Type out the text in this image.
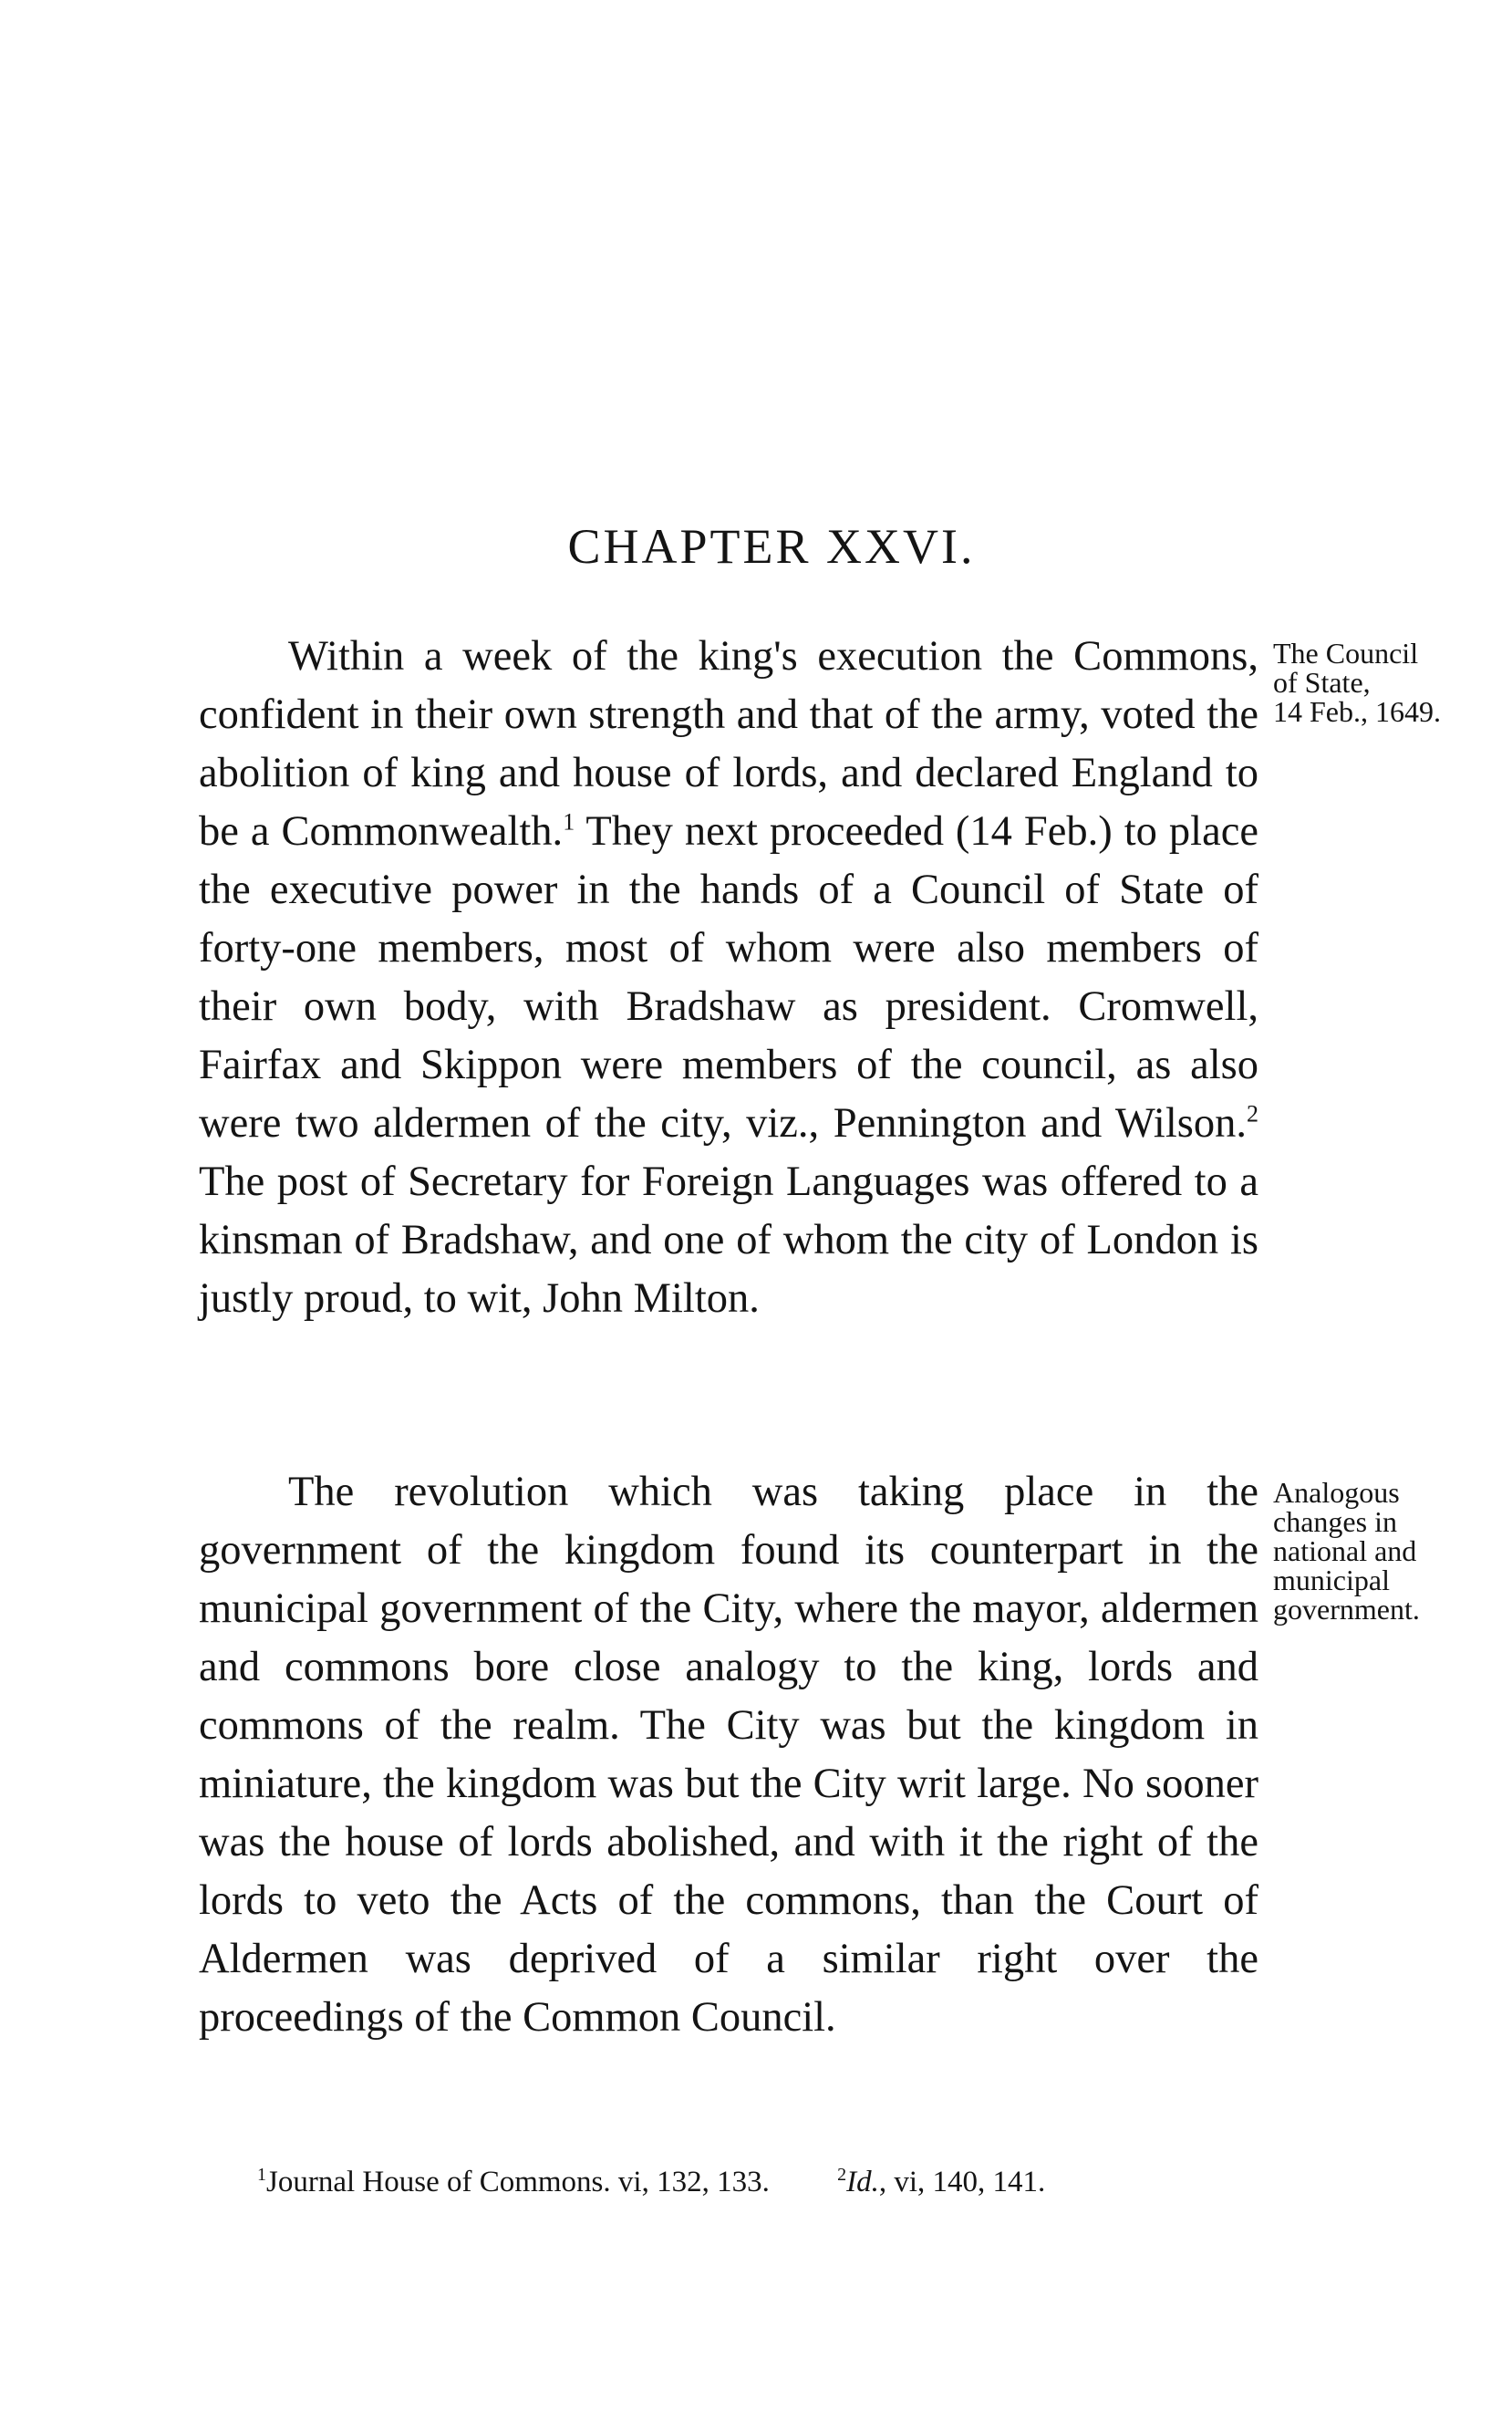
CHAPTER XXVI.

Within a week of the king's execution the Commons, confident in their own strength and that of the army, voted the abolition of king and house of lords, and declared England to be a Commonwealth.$^1$ They next proceeded (14 Feb.) to place the executive power in the hands of a Council of State of forty-one members, most of whom were also members of their own body, with Bradshaw as president. Cromwell, Fairfax and Skippon were members of the council, as also were two aldermen of the city, viz., Pennington and Wilson.$^2$ The post of Secretary for Foreign Languages was offered to a kinsman of Bradshaw, and one of whom the city of London is justly proud, to wit, John Milton.

The Council
of State,
14 Feb., 1649.

The revolution which was taking place in the government of the kingdom found its counterpart in the municipal government of the City, where the mayor, aldermen and commons bore close analogy to the king, lords and commons of the realm. The City was but the kingdom in miniature, the kingdom was but the City writ large. No sooner was the house of lords abolished, and with it the right of the lords to veto the Acts of the commons, than the Court of Aldermen was deprived of a similar right over the proceedings of the Common Council.

Analogous
changes in
national and
municipal
government.
$^1$Journal House of Commons. vi, 132, 133.	$^2$Id., vi, 140, 141.
